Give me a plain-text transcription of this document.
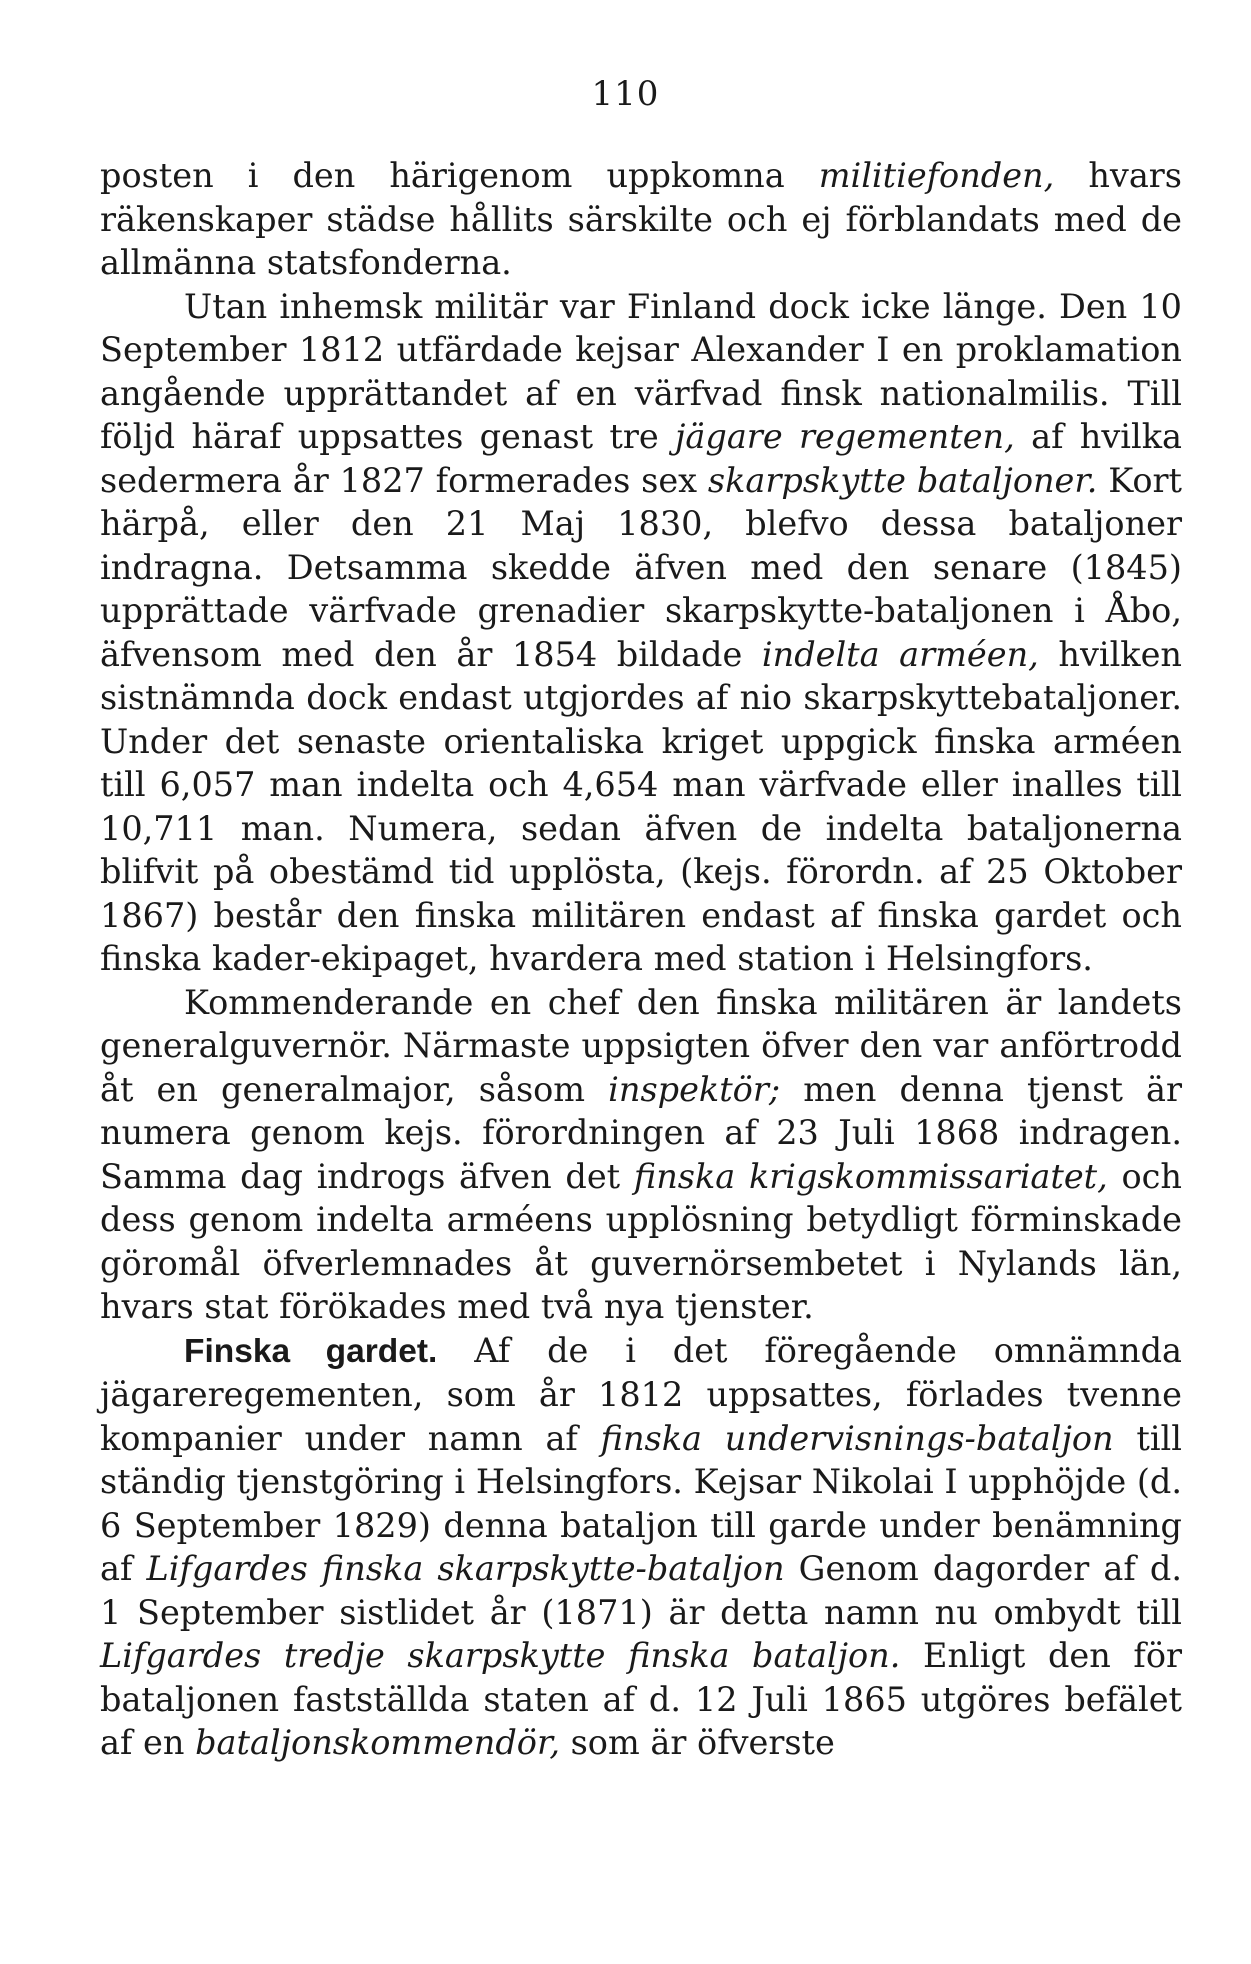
110

posten i den härigenom uppkomna militiefonden, hvars räkenskaper städse hållits särskilte och ej förblandats med de allmänna statsfonderna.

Utan inhemsk militär var Finland dock icke länge. Den 10 September 1812 utfärdade kejsar Alexander I en proklamation angående upprättandet af en värfvad finsk nationalmilis. Till följd häraf uppsattes genast tre jägare regementen, af hvilka sedermera år 1827 formerades sex skarpskytte bataljoner. Kort härpå, eller den 21 Maj 1830, blefvo dessa bataljoner indragna. Detsamma skedde äfven med den senare (1845) upprättade värfvade grenadier skarpskytte-bataljonen i Åbo, äfvensom med den år 1854 bildade indelta arméen, hvilken sistnämnda dock endast utgjordes af nio skarpskyttebataljoner. Under det senaste orientaliska kriget uppgick finska arméen till 6,057 man indelta och 4,654 man värfvade eller inalles till 10,711 man. Numera, sedan äfven de indelta bataljonerna blifvit på obestämd tid upplösta, (kejs. förordn. af 25 Oktober 1867) består den finska militären endast af finska gardet och finska kader-ekipaget, hvardera med station i Helsingfors.

Kommenderande en chef den finska militären är landets generalguvernör. Närmaste uppsigten öfver den var anförtrodd åt en generalmajor, såsom inspektör; men denna tjenst är numera genom kejs. förordningen af 23 Juli 1868 indragen. Samma dag indrogs äfven det finska krigskommissariatet, och dess genom indelta arméens upplösning betydligt förminskade göromål öfverlemnades åt guvernörsembetet i Nylands län, hvars stat förökades med två nya tjenster.

Finska gardet. Af de i det föregående omnämnda jägareregementen, som år 1812 uppsattes, förlades tvenne kompanier under namn af finska undervisnings-bataljon till ständig tjenstgöring i Helsingfors. Kejsar Nikolai I upphöjde (d. 6 September 1829) denna bataljon till garde under benämning af Lifgardes finska skarpskytte-bataljon Genom dagorder af d. 1 September sistlidet år (1871) är detta namn nu ombydt till Lifgardes tredje skarpskytte finska bataljon. Enligt den för bataljonen fastställda staten af d. 12 Juli 1865 utgöres befälet af en bataljonskommendör, som är öfverste
